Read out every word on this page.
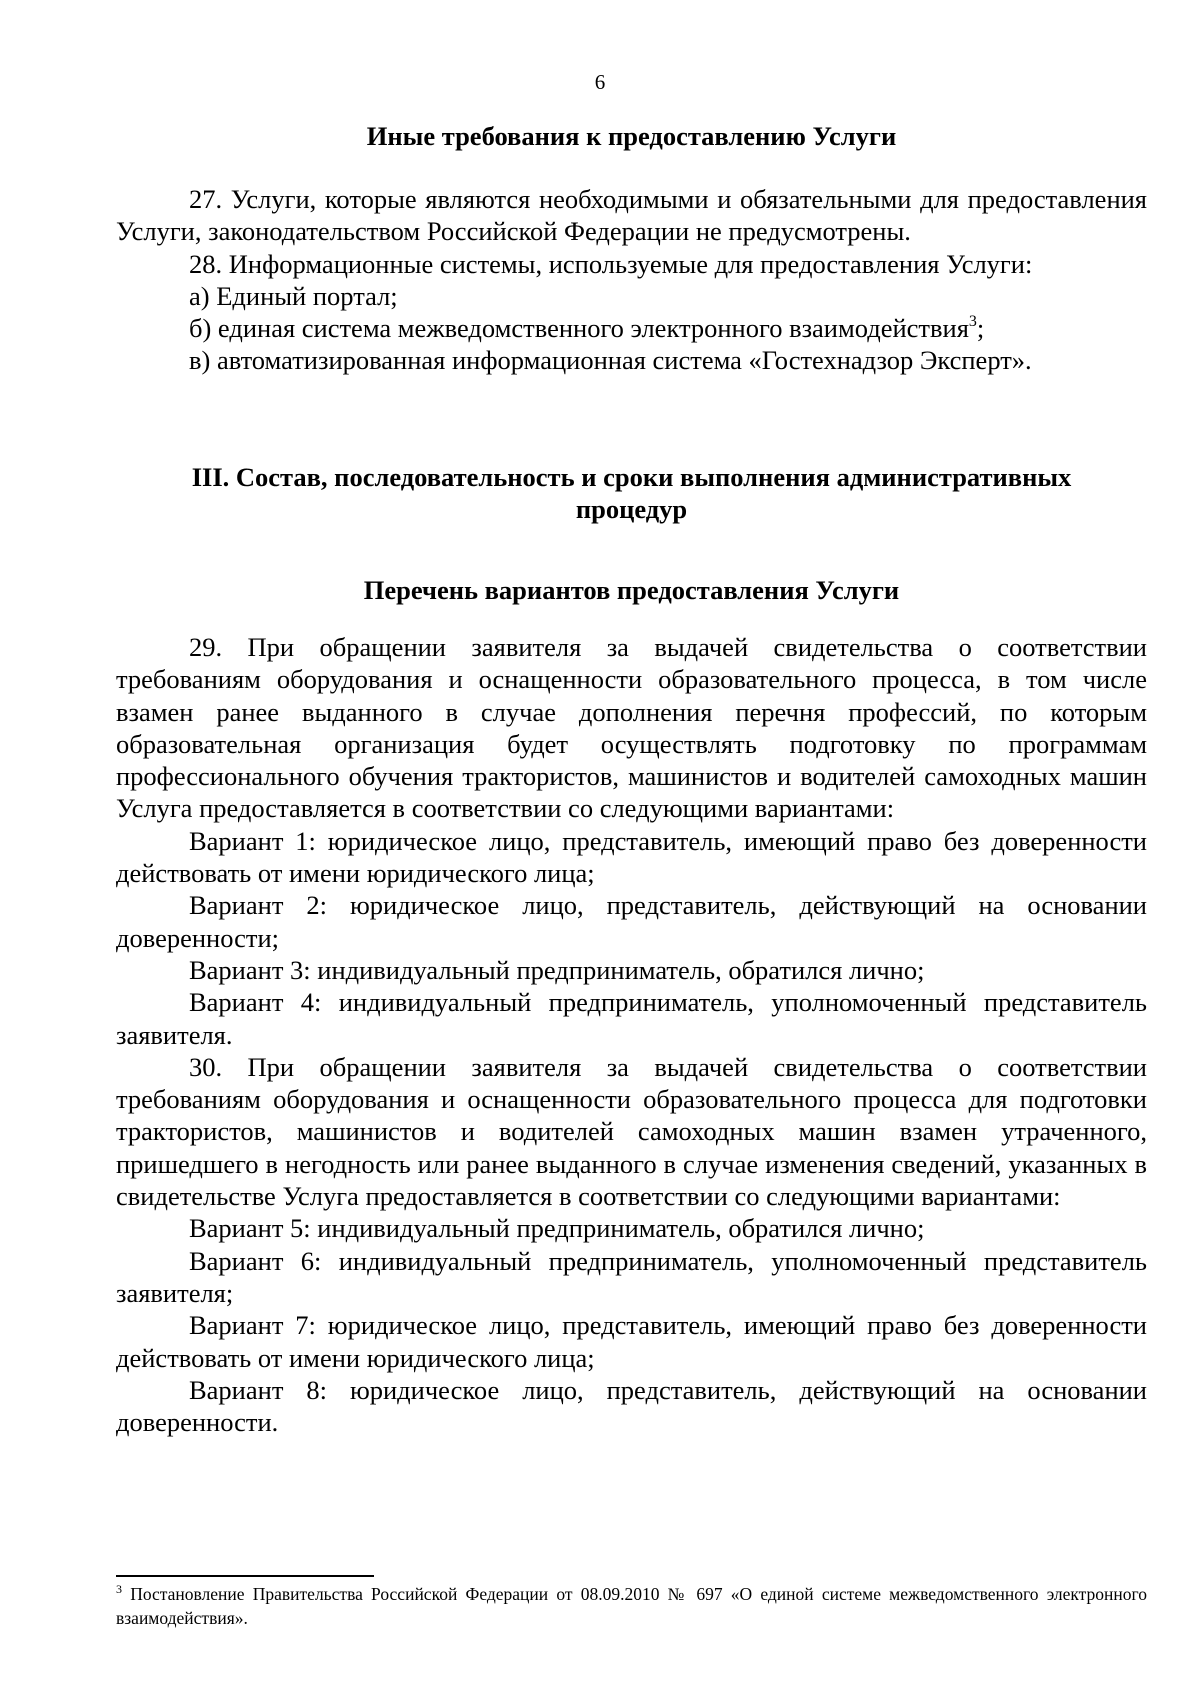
6
Иные требования к предоставлению Услуги

27. Услуги, которые являются необходимыми и обязательными для предоставления Услуги, законодательством Российской Федерации не предусмотрены.

28. Информационные системы, используемые для предоставления Услуги:

а) Единый портал;

б) единая система межведомственного электронного взаимодействия$^3$;

в) автоматизированная информационная система «Гостехнадзор Эксперт».

III. Состав, последовательность и сроки выполнения административных
процедур
Перечень вариантов предоставления Услуги

29. При обращении заявителя за выдачей свидетельства о соответствии требованиям оборудования и оснащенности образовательного процесса, в том числе взамен ранее выданного в случае дополнения перечня профессий, по которым образовательная организация будет осуществлять подготовку по программам профессионального обучения трактористов, машинистов и водителей самоходных машин Услуга предоставляется в соответствии со следующими вариантами:

Вариант 1: юридическое лицо, представитель, имеющий право без доверенности действовать от имени юридического лица;

Вариант 2: юридическое лицо, представитель, действующий на основании доверенности;

Вариант 3: индивидуальный предприниматель, обратился лично;

Вариант 4: индивидуальный предприниматель, уполномоченный представитель заявителя.

30. При обращении заявителя за выдачей свидетельства о соответствии требованиям оборудования и оснащенности образовательного процесса для подготовки трактористов, машинистов и водителей самоходных машин взамен утраченного, пришедшего в негодность или ранее выданного в случае изменения сведений, указанных в свидетельстве Услуга предоставляется в соответствии со следующими вариантами:

Вариант 5: индивидуальный предприниматель, обратился лично;

Вариант 6: индивидуальный предприниматель, уполномоченный представитель заявителя;

Вариант 7: юридическое лицо, представитель, имеющий право без доверенности действовать от имени юридического лица;

Вариант 8: юридическое лицо, представитель, действующий на основании доверенности.

$^3$ Постановление Правительства Российской Федерации от 08.09.2010 № 697 «О единой системе межведомственного электронного взаимодействия».
